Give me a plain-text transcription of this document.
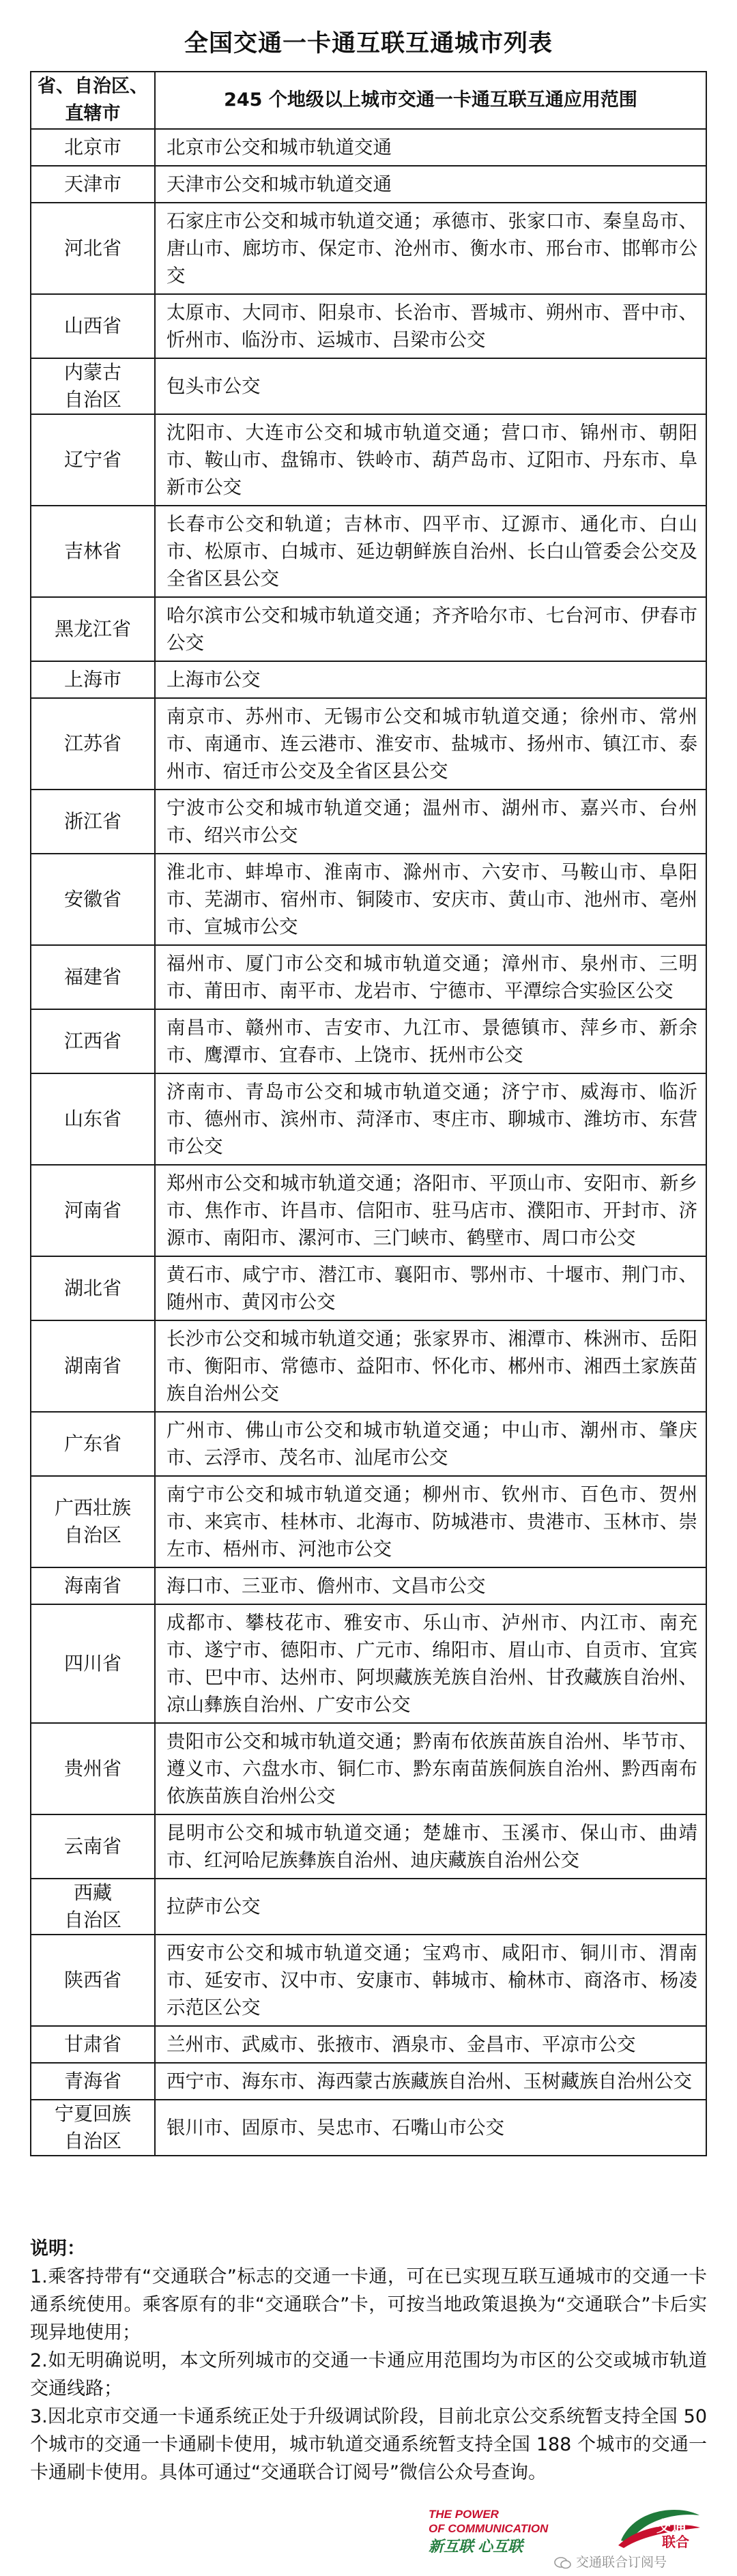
全国交通一卡通互联互通城市列表
省、自治区、
直辖市	245 个地级以上城市交通一卡通互联互通应用范围

北京市	北京市公交和城市轨道交通

天津市	天津市公交和城市轨道交通

河北省	石家庄市公交和城市轨道交通；承德市、张家口市、秦皇岛市、唐山市、廊坊市、保定市、沧州市、衡水市、邢台市、邯郸市公交

山西省	太原市、大同市、阳泉市、长治市、晋城市、朔州市、晋中市、忻州市、临汾市、运城市、吕梁市公交

内蒙古
自治区	包头市公交

辽宁省	沈阳市、大连市公交和城市轨道交通；营口市、锦州市、朝阳市、鞍山市、盘锦市、铁岭市、葫芦岛市、辽阳市、丹东市、阜新市公交

吉林省	长春市公交和轨道；吉林市、四平市、辽源市、通化市、白山市、松原市、白城市、延边朝鲜族自治州、长白山管委会公交及全省区县公交

黑龙江省	哈尔滨市公交和城市轨道交通；齐齐哈尔市、七台河市、伊春市公交

上海市	上海市公交

江苏省	南京市、苏州市、无锡市公交和城市轨道交通；徐州市、常州市、南通市、连云港市、淮安市、盐城市、扬州市、镇江市、泰州市、宿迁市公交及全省区县公交

浙江省	宁波市公交和城市轨道交通；温州市、湖州市、嘉兴市、台州市、绍兴市公交

安徽省	淮北市、蚌埠市、淮南市、滁州市、六安市、马鞍山市、阜阳市、芜湖市、宿州市、铜陵市、安庆市、黄山市、池州市、亳州市、宣城市公交

福建省	福州市、厦门市公交和城市轨道交通；漳州市、泉州市、三明市、莆田市、南平市、龙岩市、宁德市、平潭综合实验区公交

江西省	南昌市、赣州市、吉安市、九江市、景德镇市、萍乡市、新余市、鹰潭市、宜春市、上饶市、抚州市公交

山东省	济南市、青岛市公交和城市轨道交通；济宁市、威海市、临沂市、德州市、滨州市、菏泽市、枣庄市、聊城市、潍坊市、东营市公交

河南省	郑州市公交和城市轨道交通；洛阳市、平顶山市、安阳市、新乡市、焦作市、许昌市、信阳市、驻马店市、濮阳市、开封市、济源市、南阳市、漯河市、三门峡市、鹤壁市、周口市公交

湖北省	黄石市、咸宁市、潜江市、襄阳市、鄂州市、十堰市、荆门市、随州市、黄冈市公交

湖南省	长沙市公交和城市轨道交通；张家界市、湘潭市、株洲市、岳阳市、衡阳市、常德市、益阳市、怀化市、郴州市、湘西土家族苗族自治州公交

广东省	广州市、佛山市公交和城市轨道交通；中山市、潮州市、肇庆市、云浮市、茂名市、汕尾市公交

广西壮族
自治区	南宁市公交和城市轨道交通；柳州市、钦州市、百色市、贺州市、来宾市、桂林市、北海市、防城港市、贵港市、玉林市、崇左市、梧州市、河池市公交

海南省	海口市、三亚市、儋州市、文昌市公交

四川省	成都市、攀枝花市、雅安市、乐山市、泸州市、内江市、南充市、遂宁市、德阳市、广元市、绵阳市、眉山市、自贡市、宜宾市、巴中市、达州市、阿坝藏族羌族自治州、甘孜藏族自治州、凉山彝族自治州、广安市公交

贵州省	贵阳市公交和城市轨道交通；黔南布依族苗族自治州、毕节市、遵义市、六盘水市、铜仁市、黔东南苗族侗族自治州、黔西南布依族苗族自治州公交

云南省	昆明市公交和城市轨道交通；楚雄市、玉溪市、保山市、曲靖市、红河哈尼族彝族自治州、迪庆藏族自治州公交

西藏
自治区	拉萨市公交

陕西省	西安市公交和城市轨道交通；宝鸡市、咸阳市、铜川市、渭南市、延安市、汉中市、安康市、韩城市、榆林市、商洛市、杨凌示范区公交

甘肃省	兰州市、武威市、张掖市、酒泉市、金昌市、平凉市公交

青海省	西宁市、海东市、海西蒙古族藏族自治州、玉树藏族自治州公交

宁夏回族
自治区	银川市、固原市、吴忠市、石嘴山市公交
说明：

1.乘客持带有“交通联合”标志的交通一卡通，可在已实现互联互通城市的交通一卡通系统使用。乘客原有的非“交通联合”卡，可按当地政策退换为“交通联合”卡后实现异地使用；

2.如无明确说明，本文所列城市的交通一卡通应用范围均为市区的公交或城市轨道交通线路；

3.因北京市交通一卡通系统正处于升级调试阶段，目前北京公交系统暂支持全国 50 个城市的交通一卡通刷卡使用，城市轨道交通系统暂支持全国 188 个城市的交通一卡通刷卡使用。具体可通过“交通联合订阅号”微信公众号查询。

THE POWER
OF COMMUNICATION
新互联 心互联
交通
联合
交通联合订阅号
